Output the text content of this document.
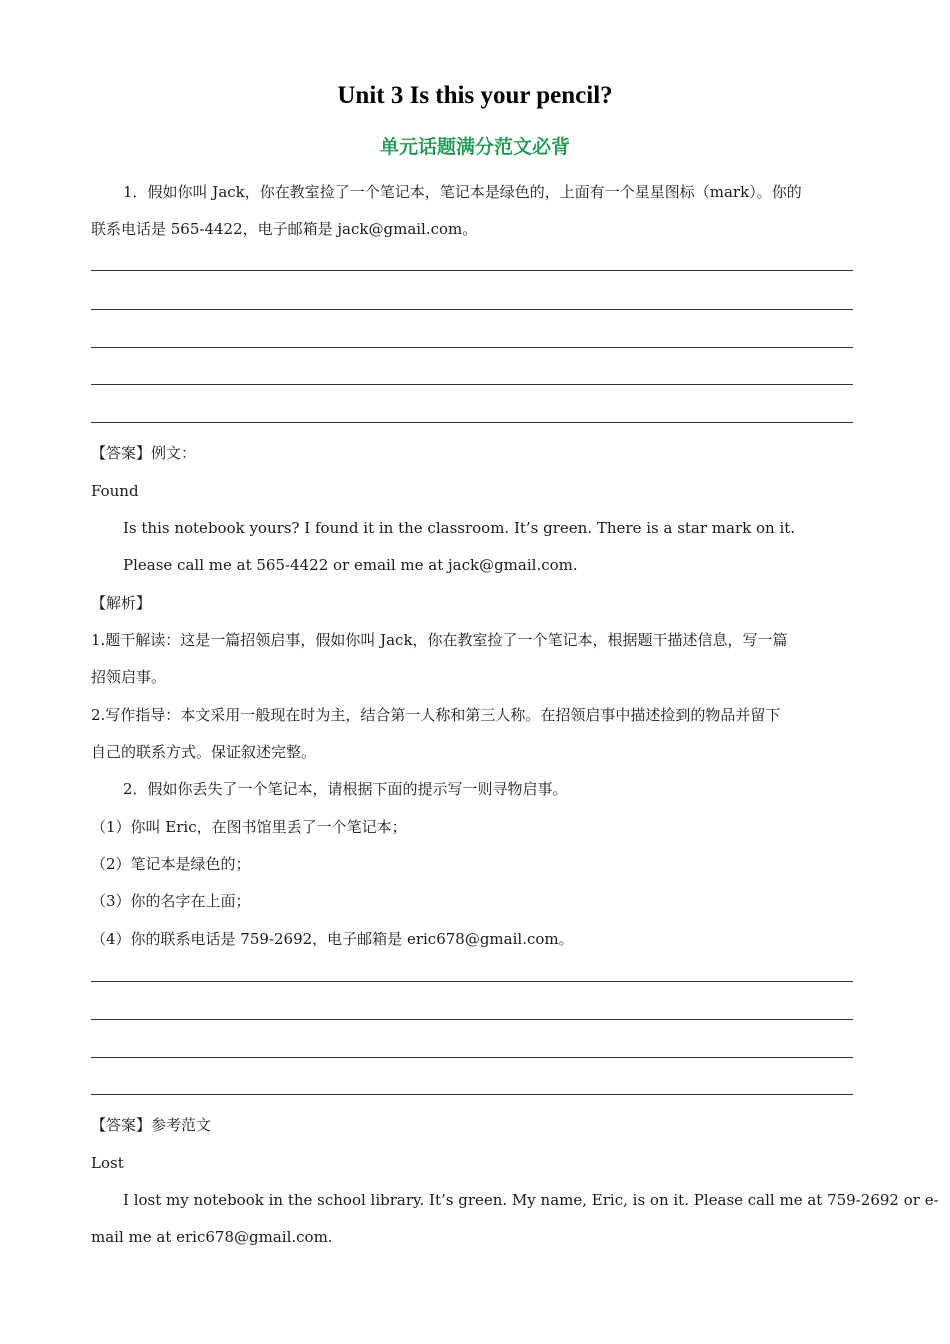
Unit 3 Is this your pencil?
单元话题满分范文必背
1．假如你叫 Jack，你在教室捡了一个笔记本，笔记本是绿色的，上面有一个星星图标（mark）。你的
联系电话是 565-4422，电子邮箱是 jack@gmail.com。
【答案】例文：
Found
Is this notebook yours? I found it in the classroom. It’s green. There is a star mark on it.
Please call me at 565-4422 or email me at jack@gmail.com.
【解析】
1.题干解读：这是一篇招领启事，假如你叫 Jack，你在教室捡了一个笔记本，根据题干描述信息，写一篇
招领启事。
2.写作指导：本文采用一般现在时为主，结合第一人称和第三人称。在招领启事中描述捡到的物品并留下
自己的联系方式。保证叙述完整。
2．假如你丢失了一个笔记本，请根据下面的提示写一则寻物启事。
（1）你叫 Eric，在图书馆里丢了一个笔记本；
（2）笔记本是绿色的；
（3）你的名字在上面；
（4）你的联系电话是 759-2692，电子邮箱是 eric678@gmail.com。
【答案】参考范文
Lost
I lost my notebook in the school library. It’s green. My name, Eric, is on it. Please call me at 759-2692 or e-
mail me at eric678@gmail.com.
